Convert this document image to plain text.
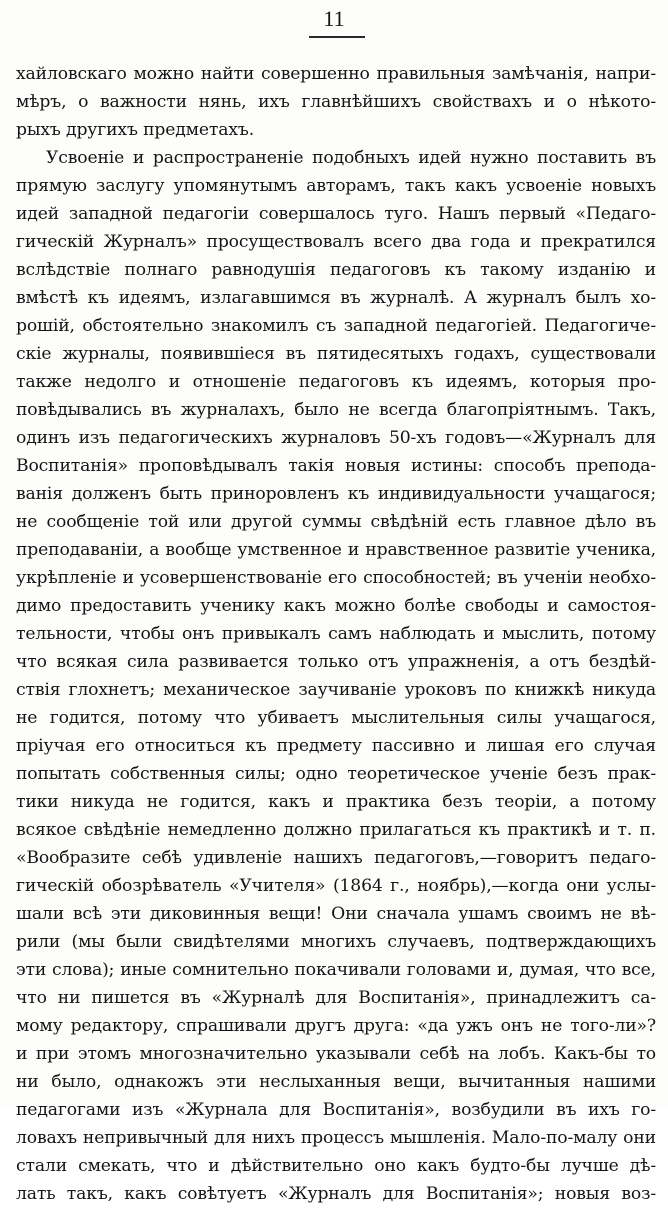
11
хайловскаго можно найти совершенно правильныя замѣчанія, напри-
мѣръ, о важности нянь, ихъ главнѣйшихъ свойствахъ и о нѣкото-
рыхъ другихъ предметахъ.
Усвоеніе и распространеніе подобныхъ идей нужно поставить въ
прямую заслугу упомянутымъ авторамъ, такъ какъ усвоеніе новыхъ
идей западной педагогіи совершалось туго. Нашъ первый «Педаго-
гическій Журналъ» просуществовалъ всего два года и прекратился
вслѣдствіе полнаго равнодушія педагоговъ къ такому изданію и
вмѣстѣ къ идеямъ, излагавшимся въ журналѣ. А журналъ былъ хо-
рошій, обстоятельно знакомилъ съ западной педагогіей. Педагогиче-
скіе журналы, появившіеся въ пятидесятыхъ годахъ, существовали
также недолго и отношеніе педагоговъ къ идеямъ, которыя про-
повѣдывались въ журналахъ, было не всегда благопріятнымъ. Такъ,
одинъ изъ педагогическихъ журналовъ 50-хъ годовъ—«Журналъ для
Воспитанія» проповѣдывалъ такія новыя истины: способъ препода-
ванія долженъ быть приноровленъ къ индивидуальности учащагося;
не сообщеніе той или другой суммы свѣдѣній есть главное дѣло въ
преподаваніи, а вообще умственное и нравственное развитіе ученика,
укрѣпленіе и усовершенствованіе его способностей; въ ученіи необхо-
димо предоставить ученику какъ можно болѣе свободы и самостоя-
тельности, чтобы онъ привыкалъ самъ наблюдать и мыслить, потому
что всякая сила развивается только отъ упражненія, а отъ бездѣй-
ствія глохнетъ; механическое заучиваніе уроковъ по книжкѣ никуда
не годится, потому что убиваетъ мыслительныя силы учащагося,
пріучая его относиться къ предмету пассивно и лишая его случая
попытать собственныя силы; одно теоретическое ученіе безъ прак-
тики никуда не годится, какъ и практика безъ теоріи, а потому
всякое свѣдѣніе немедленно должно прилагаться къ практикѣ и т. п.
«Вообразите себѣ удивленіе нашихъ педагоговъ,—говоритъ педаго-
гическій обозрѣватель «Учителя» (1864 г., ноябрь),—когда они услы-
шали всѣ эти диковинныя вещи! Они сначала ушамъ своимъ не вѣ-
рили (мы были свидѣтелями многихъ случаевъ, подтверждающихъ
эти слова); иные сомнительно покачивали головами и, думая, что все,
что ни пишется въ «Журналѣ для Воспитанія», принадлежитъ са-
мому редактору, спрашивали другъ друга: «да ужъ онъ не того-ли»?
и при этомъ многозначительно указывали себѣ на лобъ. Какъ-бы то
ни было, однакожъ эти неслыханныя вещи, вычитанныя нашими
педагогами изъ «Журнала для Воспитанія», возбудили въ ихъ го-
ловахъ непривычный для нихъ процессъ мышленія. Мало-по-малу они
стали смекать, что и дѣйствительно оно какъ будто-бы лучше дѣ-
лать такъ, какъ совѣтуетъ «Журналъ для Воспитанія»; новыя воз-
